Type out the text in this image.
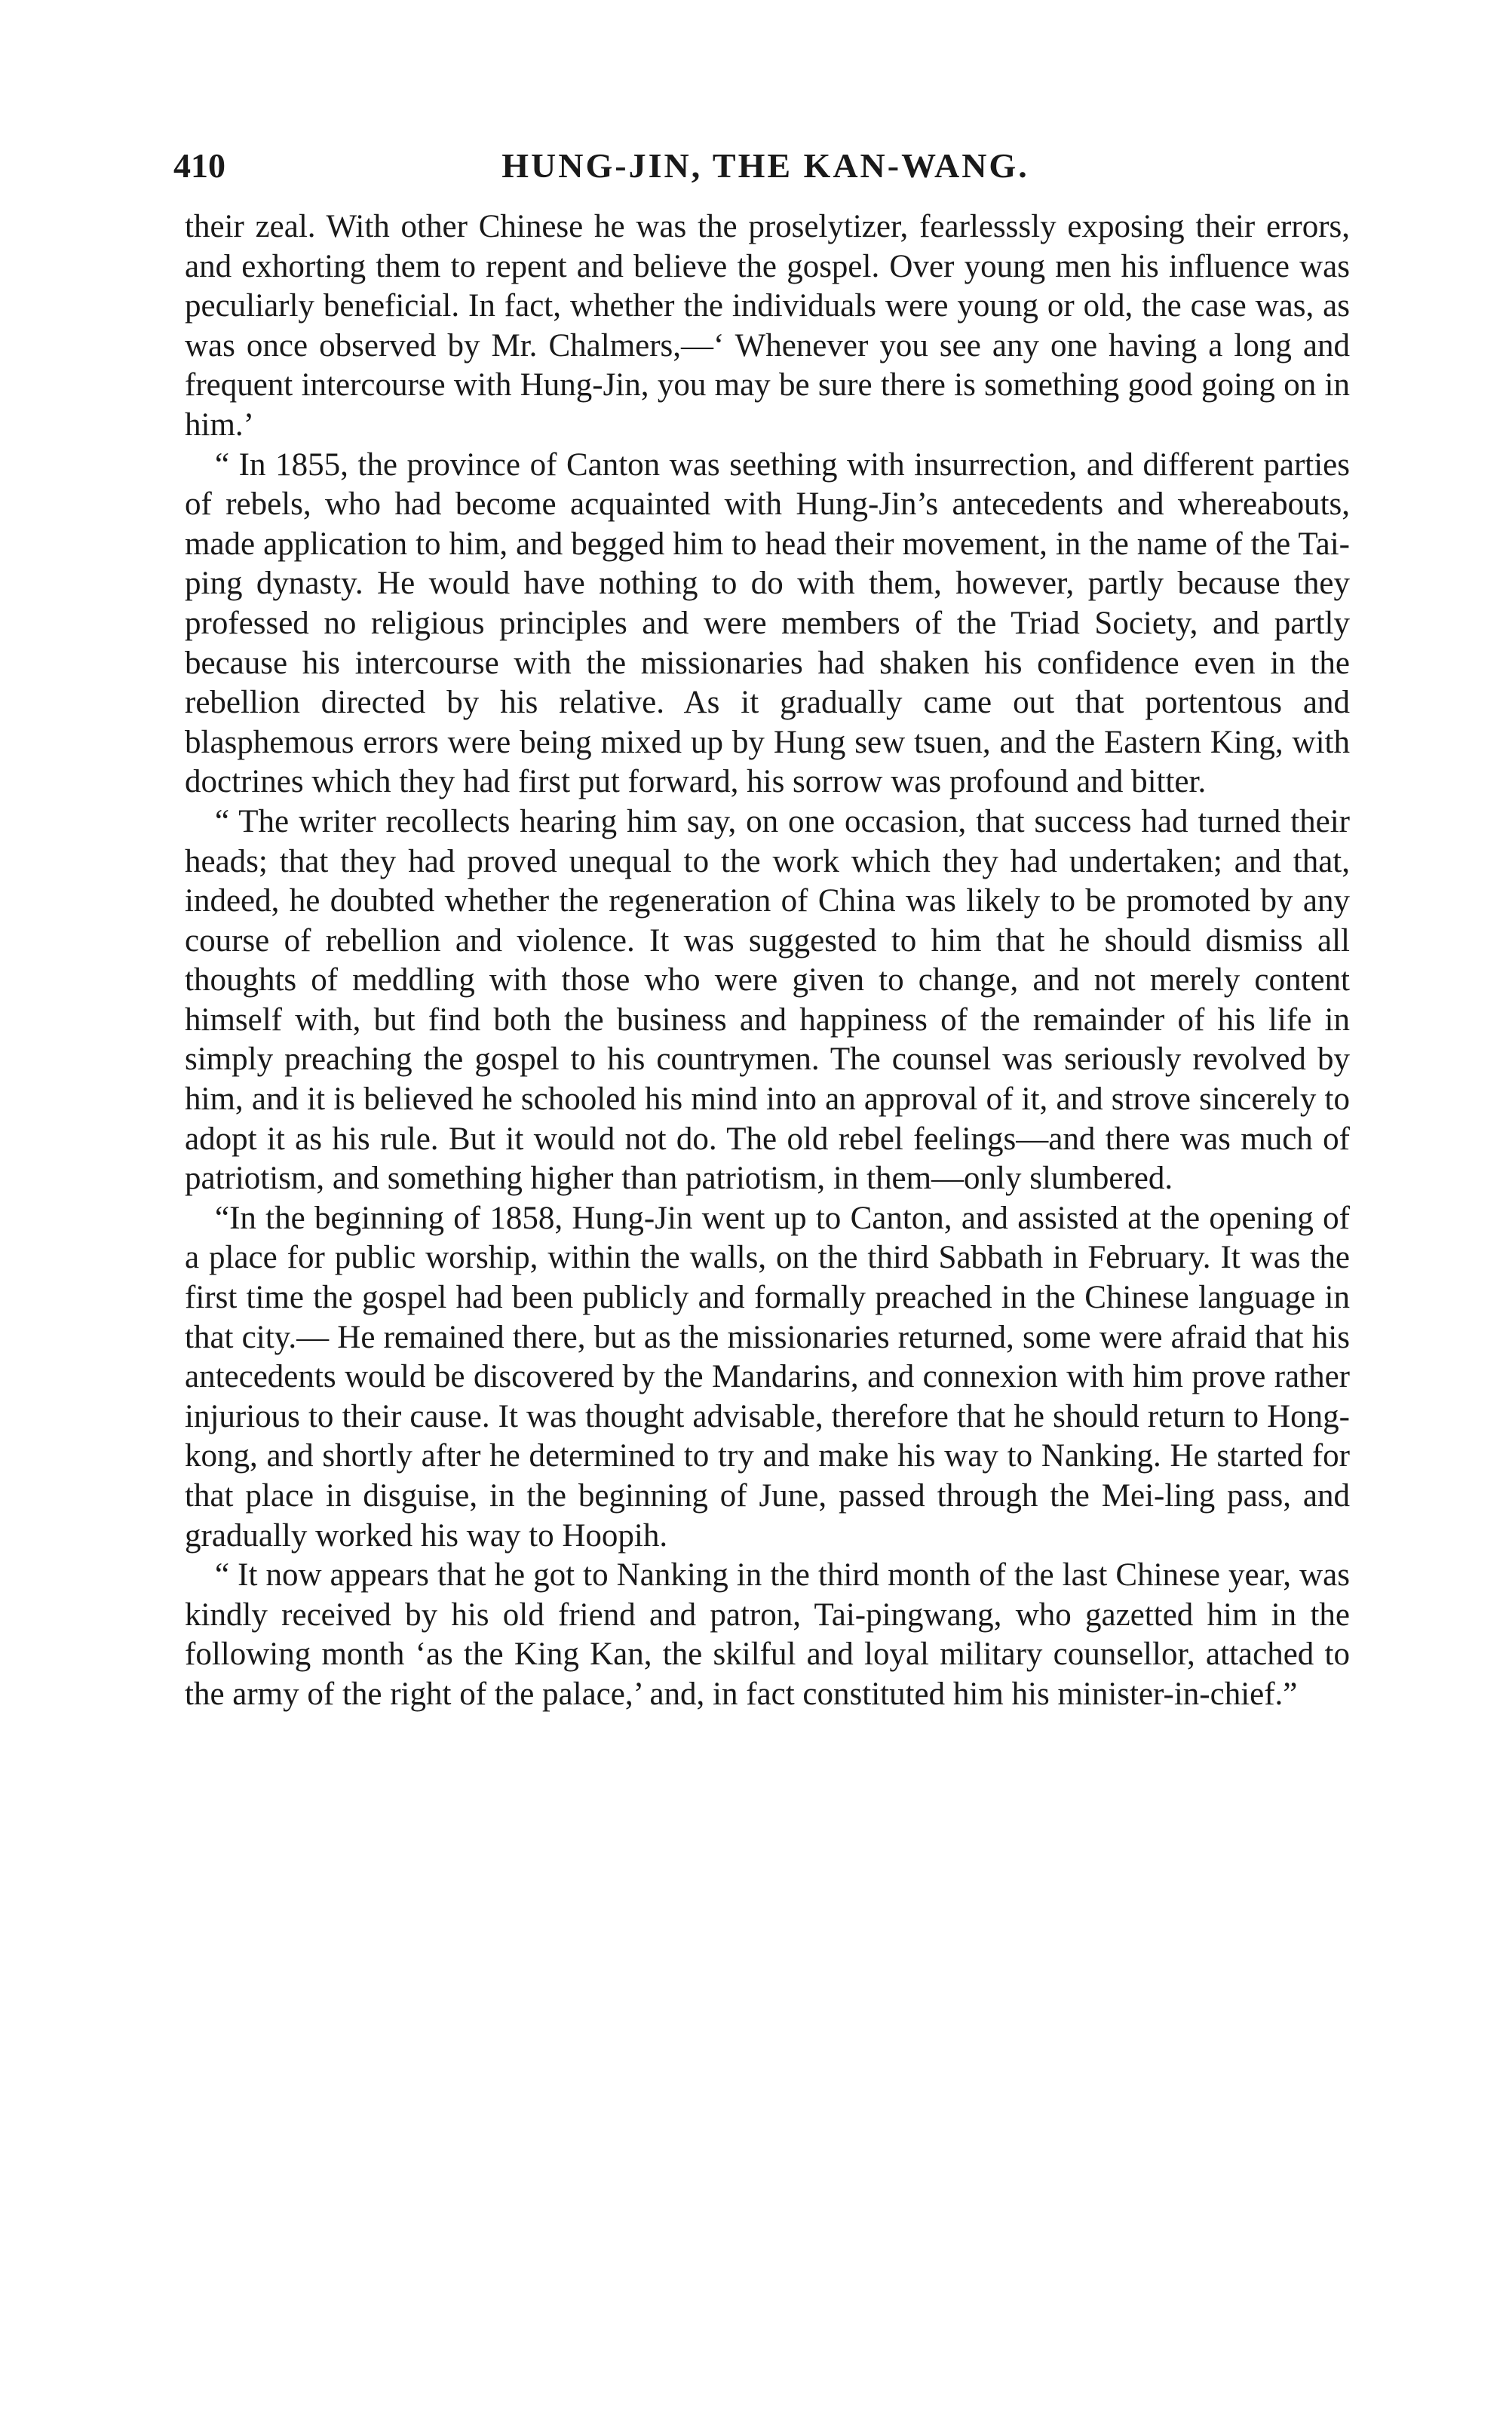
410	HUNG-JIN, THE KAN-WANG.

their zeal. With other Chinese he was the proselytizer, fearlesssly exposing their errors, and exhorting them to repent and believe the gospel. Over young men his influence was peculiarly beneficial. In fact, whether the individuals were young or old, the case was, as was once observed by Mr. Chalmers,—‘ Whenever you see any one having a long and frequent intercourse with Hung-Jin, you may be sure there is something good going on in him.’

“ In 1855, the province of Canton was seething with insurrection, and different parties of rebels, who had become acquainted with Hung-Jin’s antecedents and whereabouts, made application to him, and begged him to head their movement, in the name of the Tai-ping dynasty. He would have nothing to do with them, however, partly because they professed no religious principles and were members of the Triad Society, and partly because his intercourse with the missionaries had shaken his confidence even in the rebellion directed by his relative. As it gradually came out that portentous and blasphemous errors were being mixed up by Hung sew tsuen, and the Eastern King, with doctrines which they had first put forward, his sorrow was profound and bitter.

“ The writer recollects hearing him say, on one occasion, that success had turned their heads; that they had proved unequal to the work which they had undertaken; and that, indeed, he doubted whether the regeneration of China was likely to be promoted by any course of rebellion and violence. It was suggested to him that he should dismiss all thoughts of meddling with those who were given to change, and not merely content himself with, but find both the business and happiness of the remainder of his life in simply preaching the gospel to his countrymen. The counsel was seriously revolved by him, and it is believed he schooled his mind into an approval of it, and strove sincerely to adopt it as his rule. But it would not do. The old rebel feelings—and there was much of patriotism, and something higher than patriotism, in them—only slumbered.

“In the beginning of 1858, Hung-Jin went up to Canton, and assisted at the opening of a place for public worship, within the walls, on the third Sabbath in February. It was the first time the gospel had been publicly and formally preached in the Chinese language in that city.— He remained there, but as the missionaries returned, some were afraid that his antecedents would be discovered by the Mandarins, and connexion with him prove rather injurious to their cause. It was thought advisable, therefore that he should return to Hong-kong, and shortly after he determined to try and make his way to Nanking. He started for that place in disguise, in the beginning of June, passed through the Mei-ling pass, and gradually worked his way to Hoopih.

“ It now appears that he got to Nanking in the third month of the last Chinese year, was kindly received by his old friend and patron, Tai-pingwang, who gazetted him in the following month ‘as the King Kan, the skilful and loyal military counsellor, attached to the army of the right of the palace,’ and, in fact constituted him his minister-in-chief.”
